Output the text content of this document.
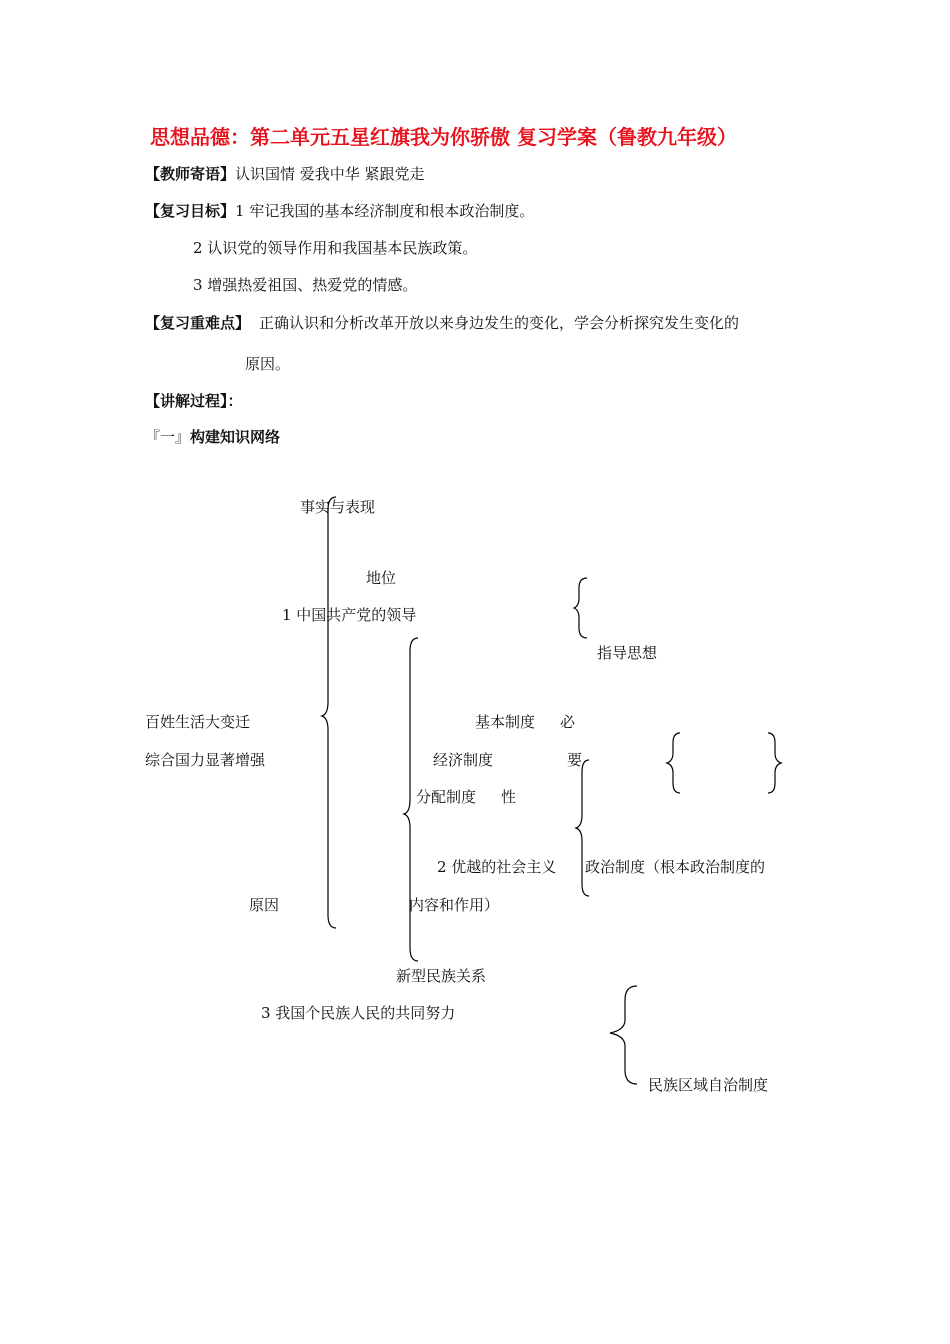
思想品德：第二单元五星红旗我为你骄傲 复习学案（鲁教九年级）
【教师寄语】认识国情 爱我中华 紧跟党走
【复习目标】1 牢记我国的基本经济制度和根本政治制度。
2 认识党的领导作用和我国基本民族政策。
3 增强热爱祖国、热爱党的情感。
【复习重难点】 正确认识和分析改革开放以来身边发生的变化，学会分析探究发生变化的
原因。
【讲解过程】：
『一』构建知识网络
事实与表现
地位
1 中国共产党的领导
指导思想
百姓生活大变迁	基本制度 必
综合国力显著增强	经济制度	要
分配制度 性
2 优越的社会主义 政治制度（根本政治制度的
原因	内容和作用）
新型民族关系
3 我国个民族人民的共同努力
民族区域自治制度
